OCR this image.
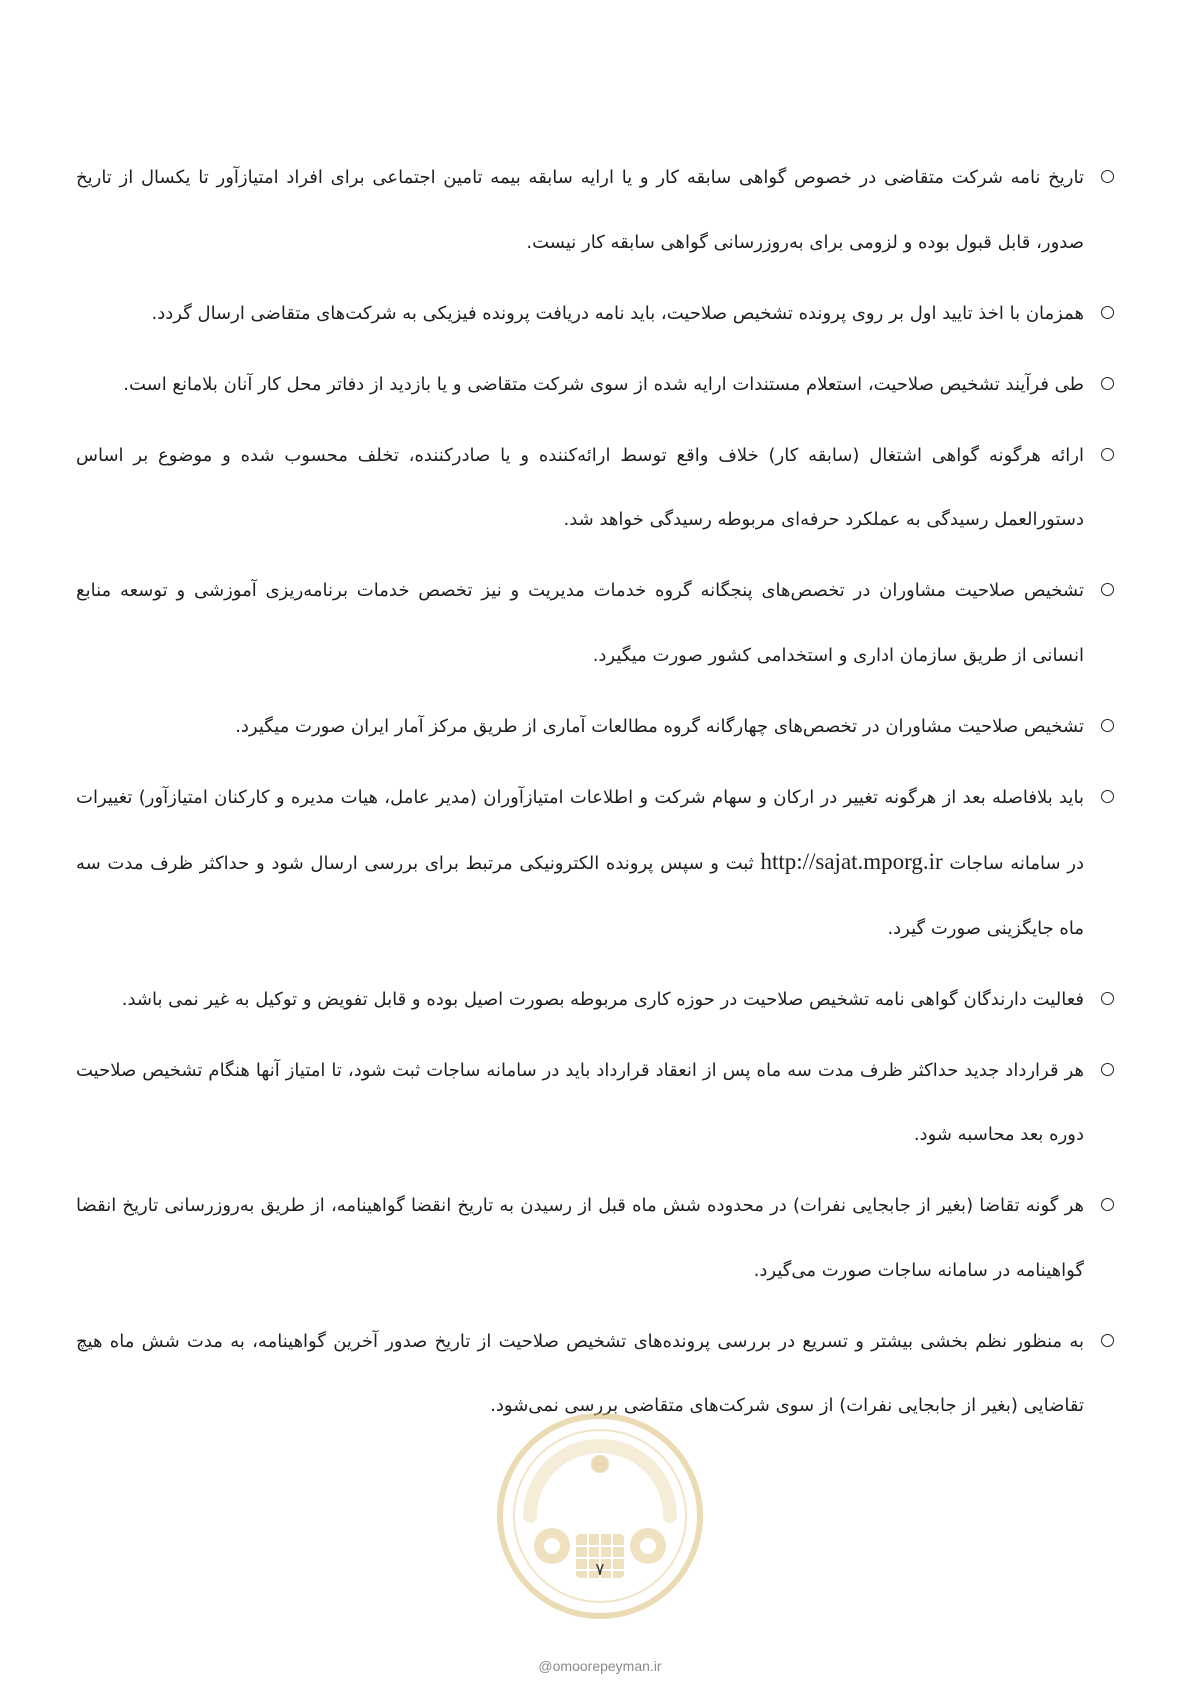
تاریخ نامه شرکت متقاضی در خصوص گواهی سابقه کار و یا ارایه سابقه بیمه تامین اجتماعی برای افراد امتیازآور تا یکسال از تاریخ صدور، قابل قبول بوده و لزومی برای به‌روزرسانی گواهی سابقه کار نیست.
همزمان با اخذ تایید اول بر روی پرونده تشخیص صلاحیت، باید نامه دریافت پرونده فیزیکی به شرکت‌های متقاضی ارسال گردد.
طی فرآیند تشخیص صلاحیت، استعلام مستندات ارایه شده از سوی شرکت متقاضی و یا بازدید از دفاتر محل کار آنان بلامانع است.
ارائه هرگونه گواهی اشتغال (سابقه کار) خلاف واقع توسط ارائه‌کننده و یا صادرکننده، تخلف محسوب شده و موضوع بر اساس دستورالعمل رسیدگی به عملکرد حرفه‌ای مربوطه رسیدگی خواهد شد.
تشخیص صلاحیت مشاوران در تخصص‌های پنجگانه گروه خدمات مدیریت و نیز تخصص خدمات برنامه‌ریزی آموزشی و توسعه منابع انسانی از طریق سازمان اداری و استخدامی کشور صورت میگیرد.
تشخیص صلاحیت مشاوران در تخصص‌های چهارگانه گروه مطالعات آماری از طریق مرکز آمار ایران صورت میگیرد.
باید بلافاصله بعد از هرگونه تغییر در ارکان و سهام شرکت و اطلاعات امتیازآوران (مدیر عامل، هیات مدیره و کارکنان امتیازآور) تغییرات در سامانه ساجات http://sajat.mporg.ir ثبت و سپس پرونده الکترونیکی مرتبط برای بررسی ارسال شود و حداکثر ظرف مدت سه ماه جایگزینی صورت گیرد.
فعالیت دارندگان گواهی نامه تشخیص صلاحیت در حوزه کاری مربوطه بصورت اصیل بوده و قابل تفویض و توکیل به غیر نمی باشد.
هر قرارداد جدید حداکثر ظرف مدت سه ماه پس از انعقاد قرارداد باید در سامانه ساجات ثبت شود، تا امتیاز آنها هنگام تشخیص صلاحیت دوره بعد محاسبه شود.
هر گونه تقاضا (بغیر از جابجایی نفرات) در محدوده شش ماه قبل از رسیدن به تاریخ انقضا گواهینامه، از طریق به‌روزرسانی تاریخ انقضا گواهینامه در سامانه ساجات صورت می‌گیرد.
به منظور نظم بخشی بیشتر و تسریع در بررسی پرونده‌های تشخیص صلاحیت از تاریخ صدور آخرین گواهینامه، به مدت شش ماه هیچ تقاضایی (بغیر از جابجایی نفرات) از سوی شرکت‌های متقاضی بررسی نمی‌شود.
۷
@omoorepeyman.ir
